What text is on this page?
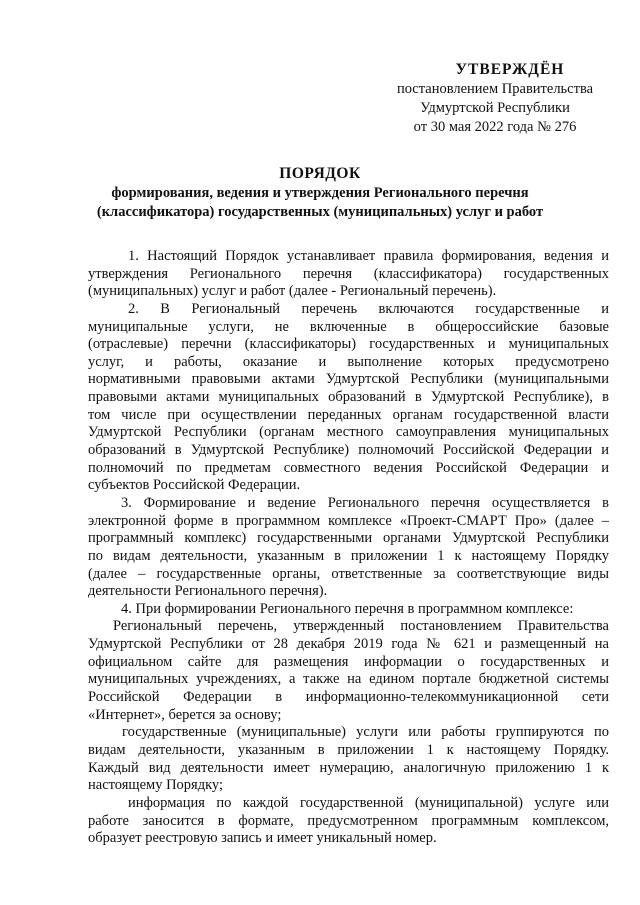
УТВЕРЖДЁН
постановлением Правительства
Удмуртской Республики
от 30 мая 2022 года № 276
ПОРЯДОК
формирования, ведения и утверждения Регионального перечня
(классификатора) государственных (муниципальных) услуг и работ
1. Настоящий Порядок устанавливает правила формирования, ведения и
утверждения Регионального перечня (классификатора) государственных
(муниципальных) услуг и работ (далее - Региональный перечень).
2. В Региональный перечень включаются государственные и
муниципальные услуги, не включенные в общероссийские базовые
(отраслевые) перечни (классификаторы) государственных и муниципальных
услуг, и работы, оказание и выполнение которых предусмотрено
нормативными правовыми актами Удмуртской Республики (муниципальными
правовыми актами муниципальных образований в Удмуртской Республике), в
том числе при осуществлении переданных органам государственной власти
Удмуртской Республики (органам местного самоуправления муниципальных
образований в Удмуртской Республике) полномочий Российской Федерации и
полномочий по предметам совместного ведения Российской Федерации и
субъектов Российской Федерации.
3. Формирование и ведение Регионального перечня осуществляется в
электронной форме в программном комплексе «Проект-СМАРТ Про» (далее –
программный комплекс) государственными органами Удмуртской Республики
по видам деятельности, указанным в приложении 1 к настоящему Порядку
(далее – государственные органы, ответственные за соответствующие виды
деятельности Регионального перечня).
4. При формировании Регионального перечня в программном комплексе:
Региональный перечень, утвержденный постановлением Правительства
Удмуртской Республики от 28 декабря 2019 года № 621 и размещенный на
официальном сайте для размещения информации о государственных и
муниципальных учреждениях, а также на едином портале бюджетной системы
Российской Федерации в информационно-телекоммуникационной сети
«Интернет», берется за основу;
государственные (муниципальные) услуги или работы группируются по
видам деятельности, указанным в приложении 1 к настоящему Порядку.
Каждый вид деятельности имеет нумерацию, аналогичную приложению 1 к
настоящему Порядку;
информация по каждой государственной (муниципальной) услуге или
работе заносится в формате, предусмотренном программным комплексом,
образует реестровую запись и имеет уникальный номер.
